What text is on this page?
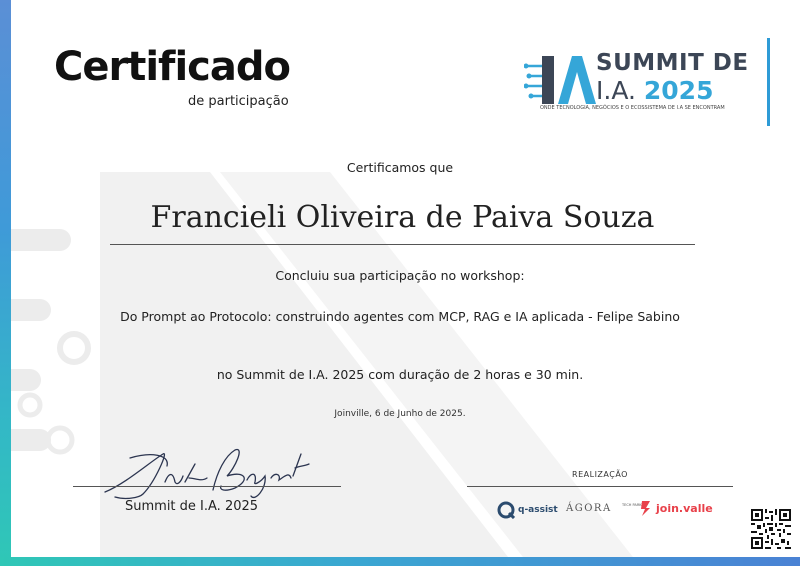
Certificado
de participação
SUMMIT DE
I.A. 2025
ONDE TECNOLOGIA, NEGÓCIOS E O ECOSSISTEMA DE I.A SE ENCONTRAM
Certificamos que
Francieli Oliveira de Paiva Souza
Concluiu sua participação no workshop:
Do Prompt ao Protocolo: construindo agentes com MCP, RAG e IA aplicada - Felipe Sabino
no Summit de I.A. 2025 com duração de 2 horas e 30 min.
Joinville, 6 de Junho de 2025.
Summit de I.A. 2025
REALIZAÇÃO
q-assist ÁGORA	TECH PARK join.valle
